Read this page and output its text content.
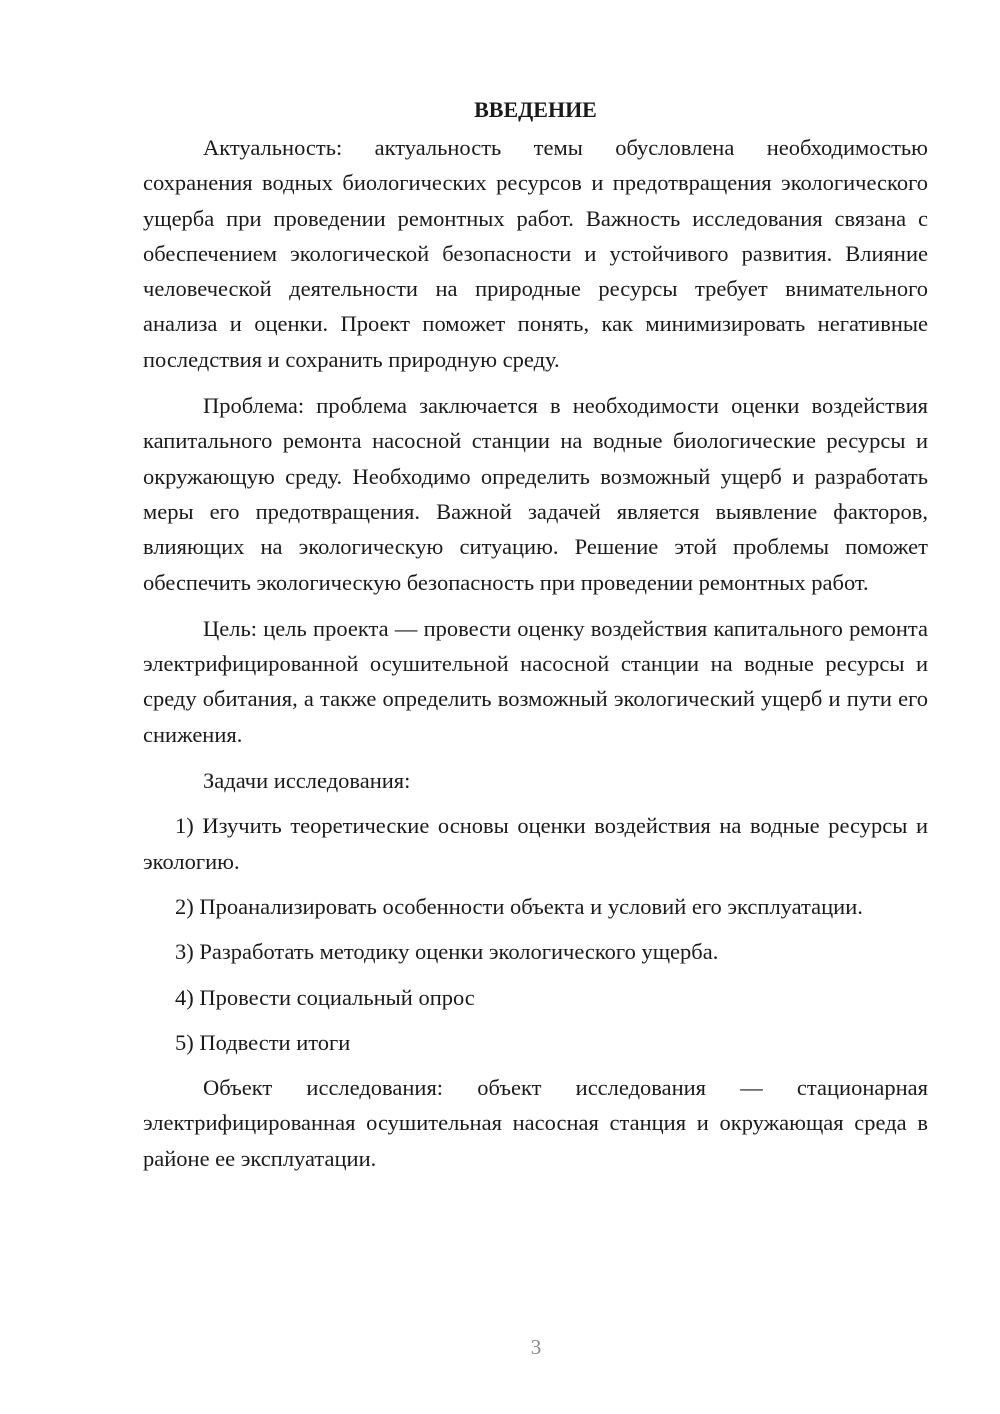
ВВЕДЕНИЕ

Актуальность: актуальность темы обусловлена необходимостью сохранения водных биологических ресурсов и предотвращения экологического ущерба при проведении ремонтных работ. Важность исследования связана с обеспечением экологической безопасности и устойчивого развития. Влияние человеческой деятельности на природные ресурсы требует внимательного анализа и оценки. Проект поможет понять, как минимизировать негативные последствия и сохранить природную среду.

Проблема: проблема заключается в необходимости оценки воздействия капитального ремонта насосной станции на водные биологические ресурсы и окружающую среду. Необходимо определить возможный ущерб и разработать меры его предотвращения. Важной задачей является выявление факторов, влияющих на экологическую ситуацию. Решение этой проблемы поможет обеспечить экологическую безопасность при проведении ремонтных работ.

Цель: цель проекта — провести оценку воздействия капитального ремонта электрифицированной осушительной насосной станции на водные ресурсы и среду обитания, а также определить возможный экологический ущерб и пути его снижения.

Задачи исследования:

1) Изучить теоретические основы оценки воздействия на водные ресурсы и экологию.

2) Проанализировать особенности объекта и условий его эксплуатации.

3) Разработать методику оценки экологического ущерба.

4) Провести социальный опрос

5) Подвести итоги

Объект исследования: объект исследования — стационарная электрифицированная осушительная насосная станция и окружающая среда в районе ее эксплуатации.

3
